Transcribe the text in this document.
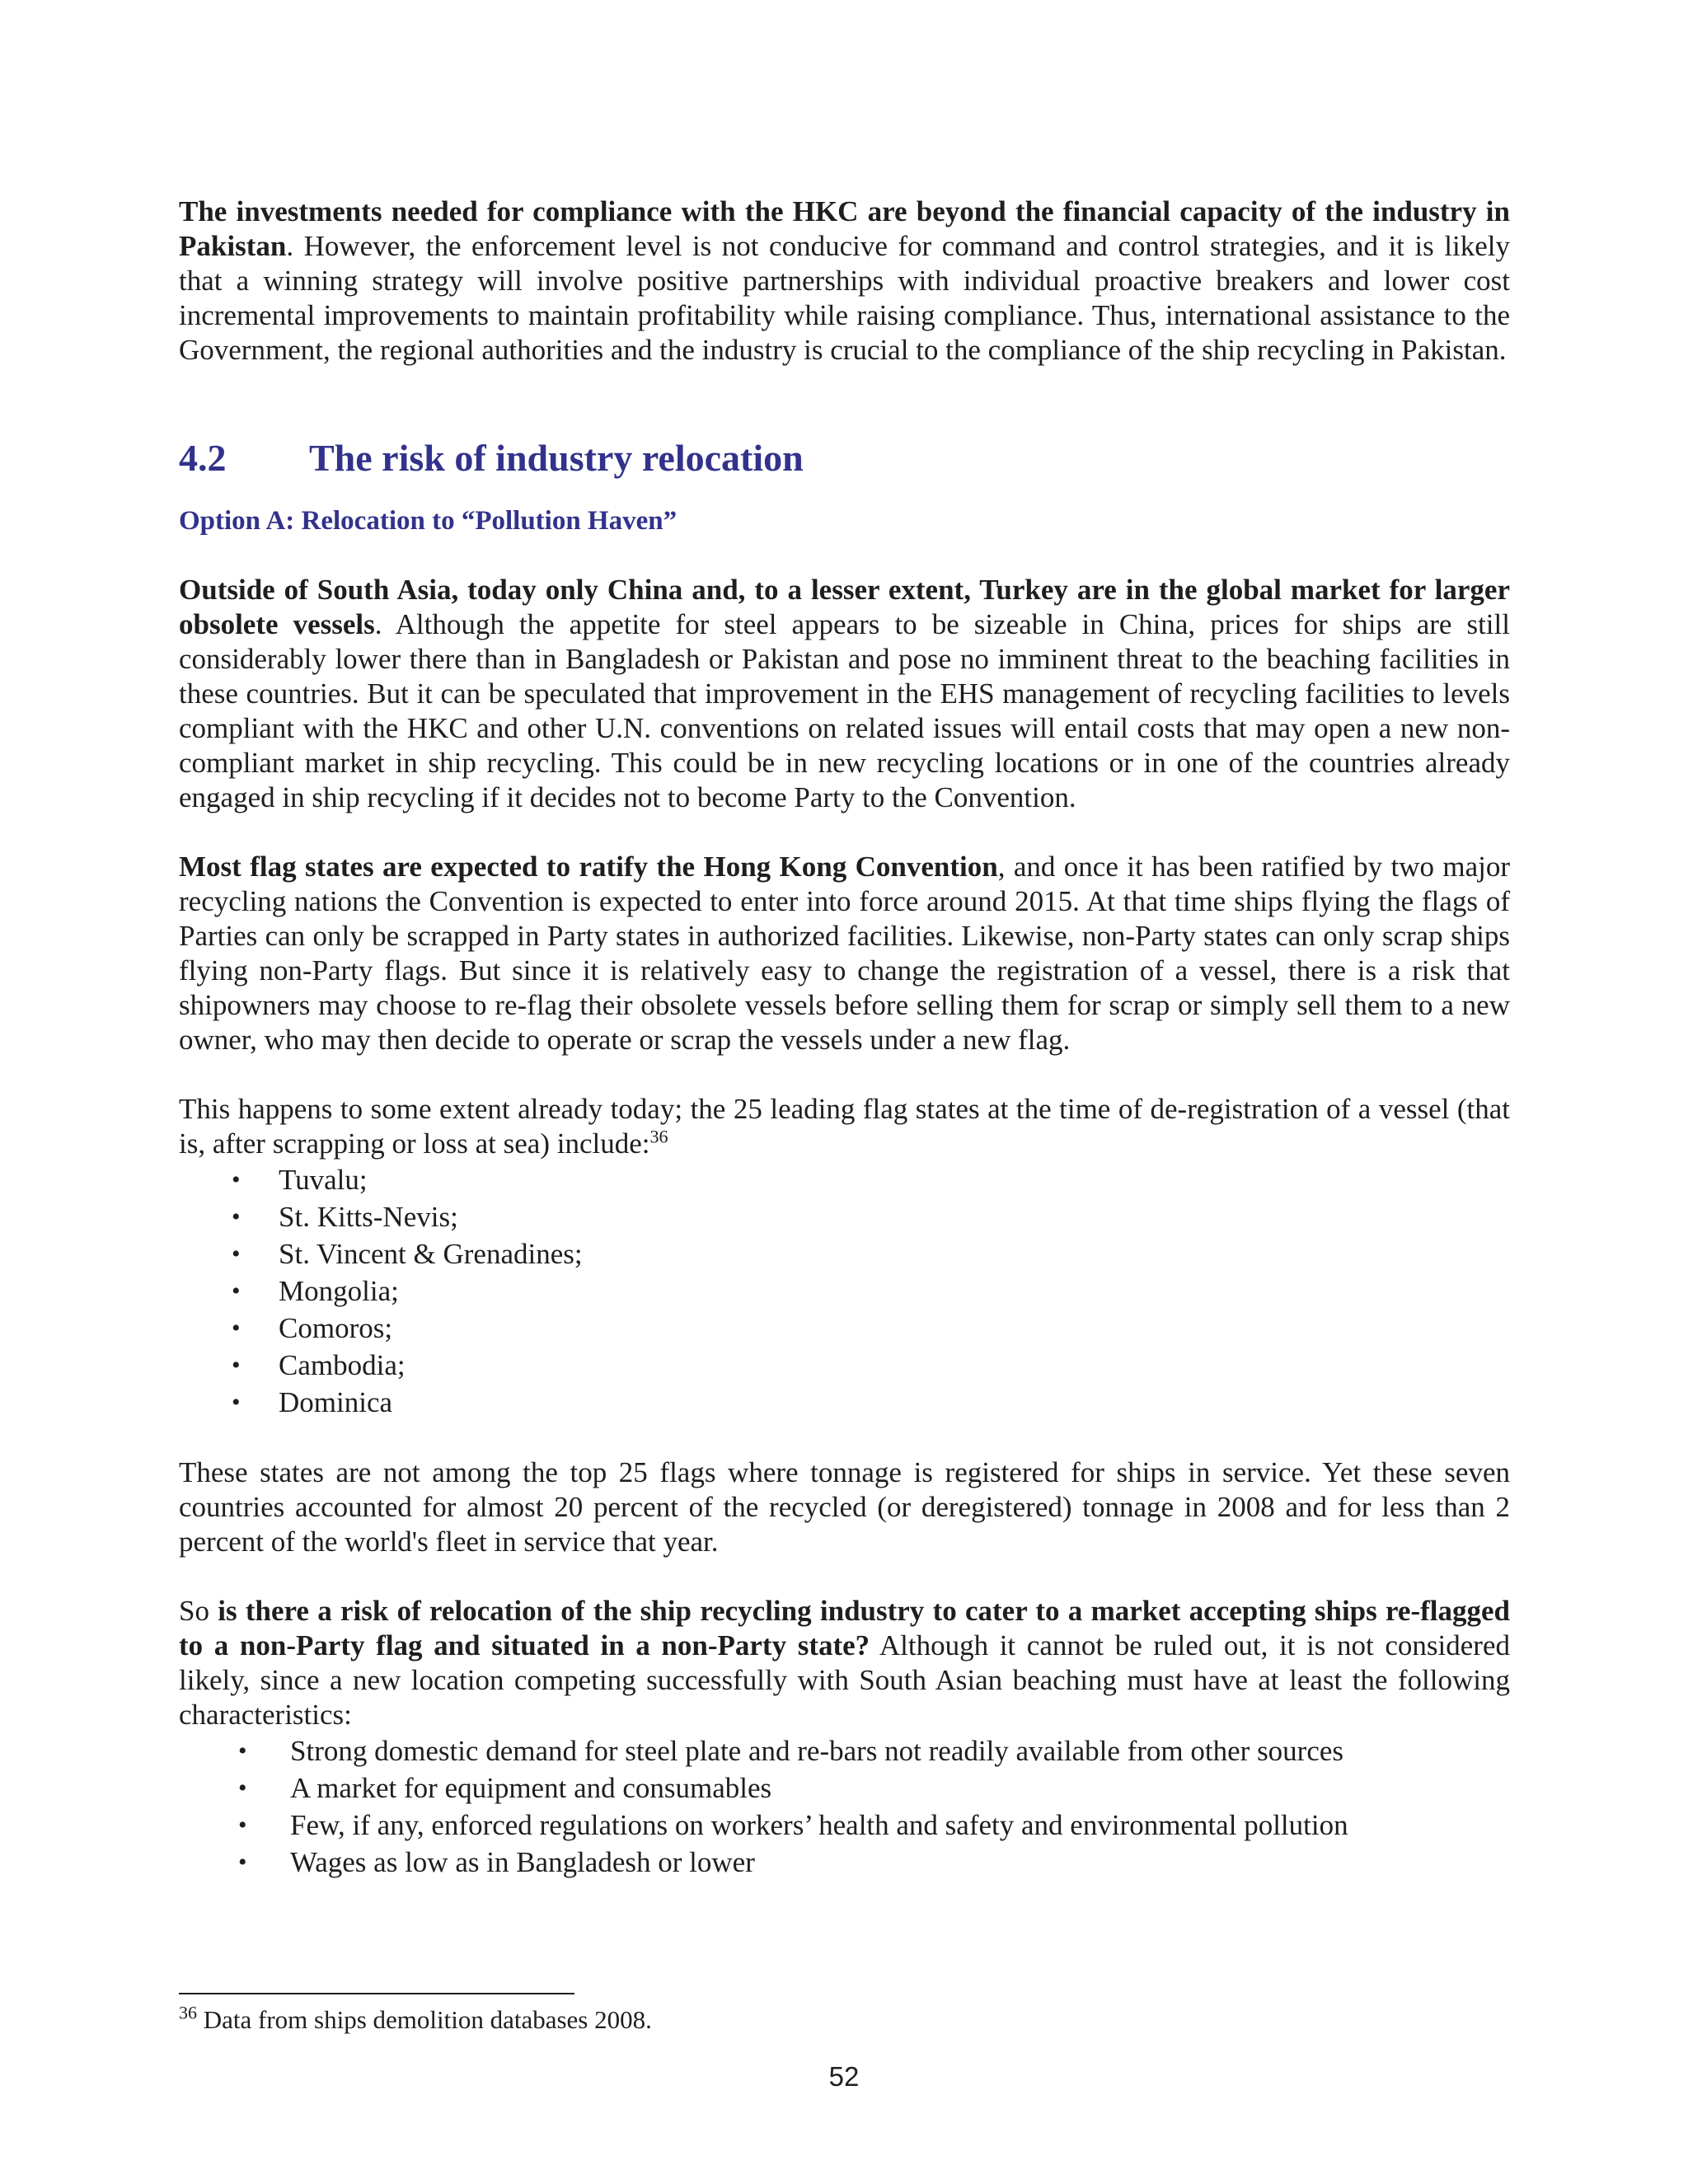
The investments needed for compliance with the HKC are beyond the financial capacity of the industry in Pakistan. However, the enforcement level is not conducive for command and control strategies, and it is likely that a winning strategy will involve positive partnerships with individual proactive breakers and lower cost incremental improvements to maintain profitability while raising compliance. Thus, international assistance to the Government, the regional authorities and the industry is crucial to the compliance of the ship recycling in Pakistan.

4.2 The risk of industry relocation
Option A: Relocation to “Pollution Haven”

Outside of South Asia, today only China and, to a lesser extent, Turkey are in the global market for larger obsolete vessels. Although the appetite for steel appears to be sizeable in China, prices for ships are still considerably lower there than in Bangladesh or Pakistan and pose no imminent threat to the beaching facilities in these countries. But it can be speculated that improvement in the EHS management of recycling facilities to levels compliant with the HKC and other U.N. conventions on related issues will entail costs that may open a new non-compliant market in ship recycling. This could be in new recycling locations or in one of the countries already engaged in ship recycling if it decides not to become Party to the Convention.

Most flag states are expected to ratify the Hong Kong Convention, and once it has been ratified by two major recycling nations the Convention is expected to enter into force around 2015. At that time ships flying the flags of Parties can only be scrapped in Party states in authorized facilities. Likewise, non-Party states can only scrap ships flying non-Party flags. But since it is relatively easy to change the registration of a vessel, there is a risk that shipowners may choose to re-flag their obsolete vessels before selling them for scrap or simply sell them to a new owner, who may then decide to operate or scrap the vessels under a new flag.

This happens to some extent already today; the 25 leading flag states at the time of de-registration of a vessel (that is, after scrapping or loss at sea) include:$^{36}$

• Tuvalu;
• St. Kitts-Nevis;
• St. Vincent & Grenadines;
• Mongolia;
• Comoros;
• Cambodia;
• Dominica

These states are not among the top 25 flags where tonnage is registered for ships in service. Yet these seven countries accounted for almost 20 percent of the recycled (or deregistered) tonnage in 2008 and for less than 2 percent of the world's fleet in service that year.

So is there a risk of relocation of the ship recycling industry to cater to a market accepting ships re-flagged to a non-Party flag and situated in a non-Party state? Although it cannot be ruled out, it is not considered likely, since a new location competing successfully with South Asian beaching must have at least the following characteristics:

• Strong domestic demand for steel plate and re-bars not readily available from other sources
• A market for equipment and consumables
• Few, if any, enforced regulations on workers’ health and safety and environmental pollution
• Wages as low as in Bangladesh or lower
$^{36}$ Data from ships demolition databases 2008.
52
